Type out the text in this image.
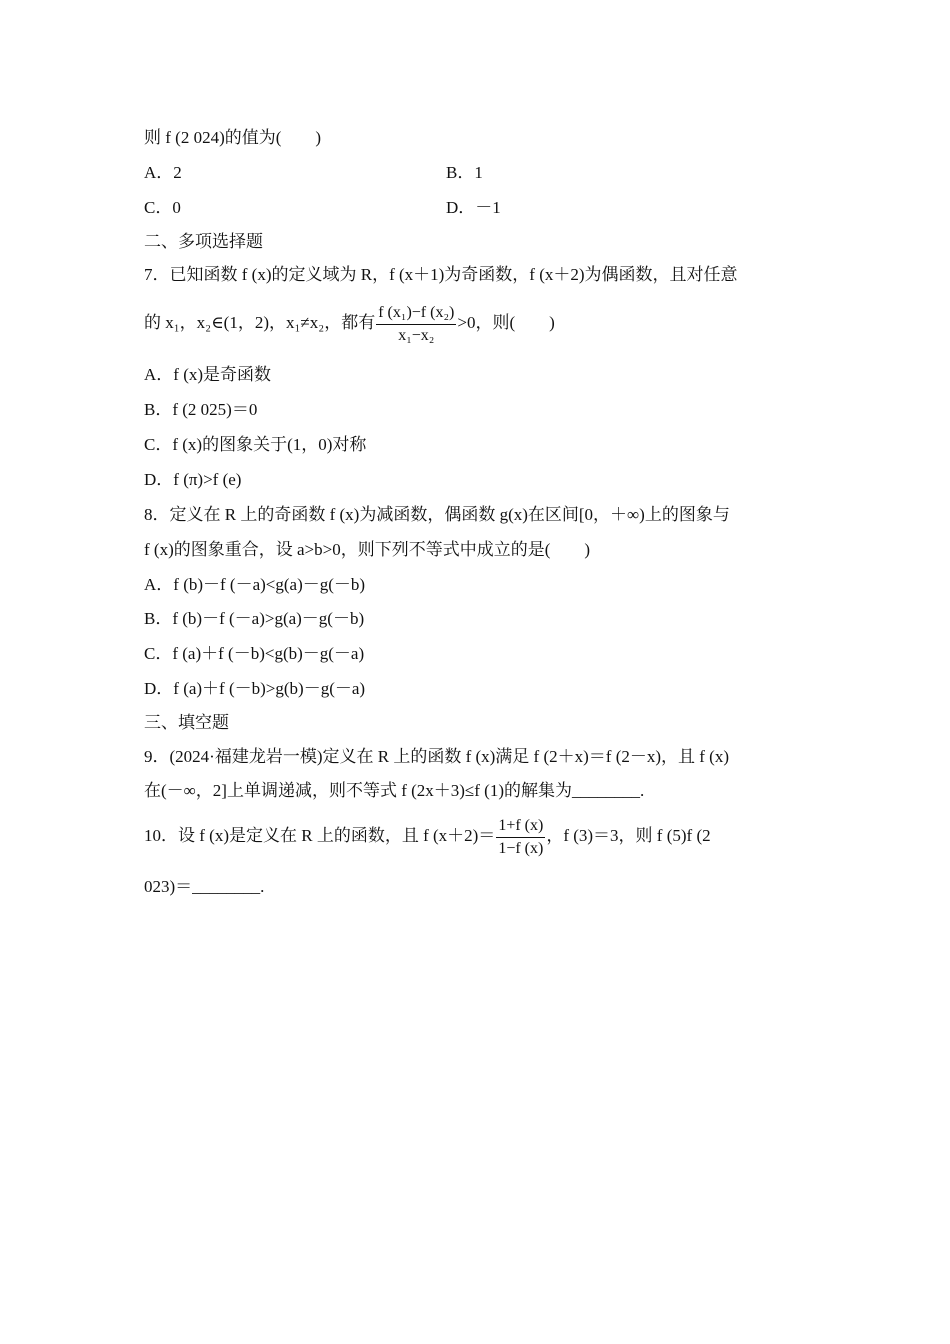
则 f (2 024)的值为(　　)
A．2	B．1
C．0	D．－1
二、多项选择题
7．已知函数 f (x)的定义域为 R，f (x＋1)为奇函数，f (x＋2)为偶函数，且对任意
的 x₁，x₂∈(1，2)，x₁≠x₂，都有 $\frac{\text{f (x₁)−f (x₂)}}{\text{x₁−x₂}} >0$，则(　　)
A．f (x)是奇函数
B．f (2 025)＝0
C．f (x)的图象关于(1，0)对称
D．f (π)>f (e)
8．定义在 R 上的奇函数 f (x)为减函数，偶函数 g(x)在区间[0，＋∞)上的图象与
f (x)的图象重合，设 a>b>0，则下列不等式中成立的是(　　)
A．f (b)－f (－a)<g(a)－g(－b)
B．f (b)－f (－a)>g(a)－g(－b)
C．f (a)＋f (－b)<g(b)－g(－a)
D．f (a)＋f (－b)>g(b)－g(－a)
三、填空题
9．(2024·福建龙岩一模)定义在 R 上的函数 f (x)满足 f (2＋x)＝f (2－x)，且 f (x)
在(－∞，2]上单调递减，则不等式 f (2x＋3)≤f (1)的解集为________.
10．设 f (x)是定义在 R 上的函数，且 f $(x+2)= \frac{1+f (x)}{1-f (x)}$ ，f (3)＝3，则 f (5)f (2
023)＝________.
